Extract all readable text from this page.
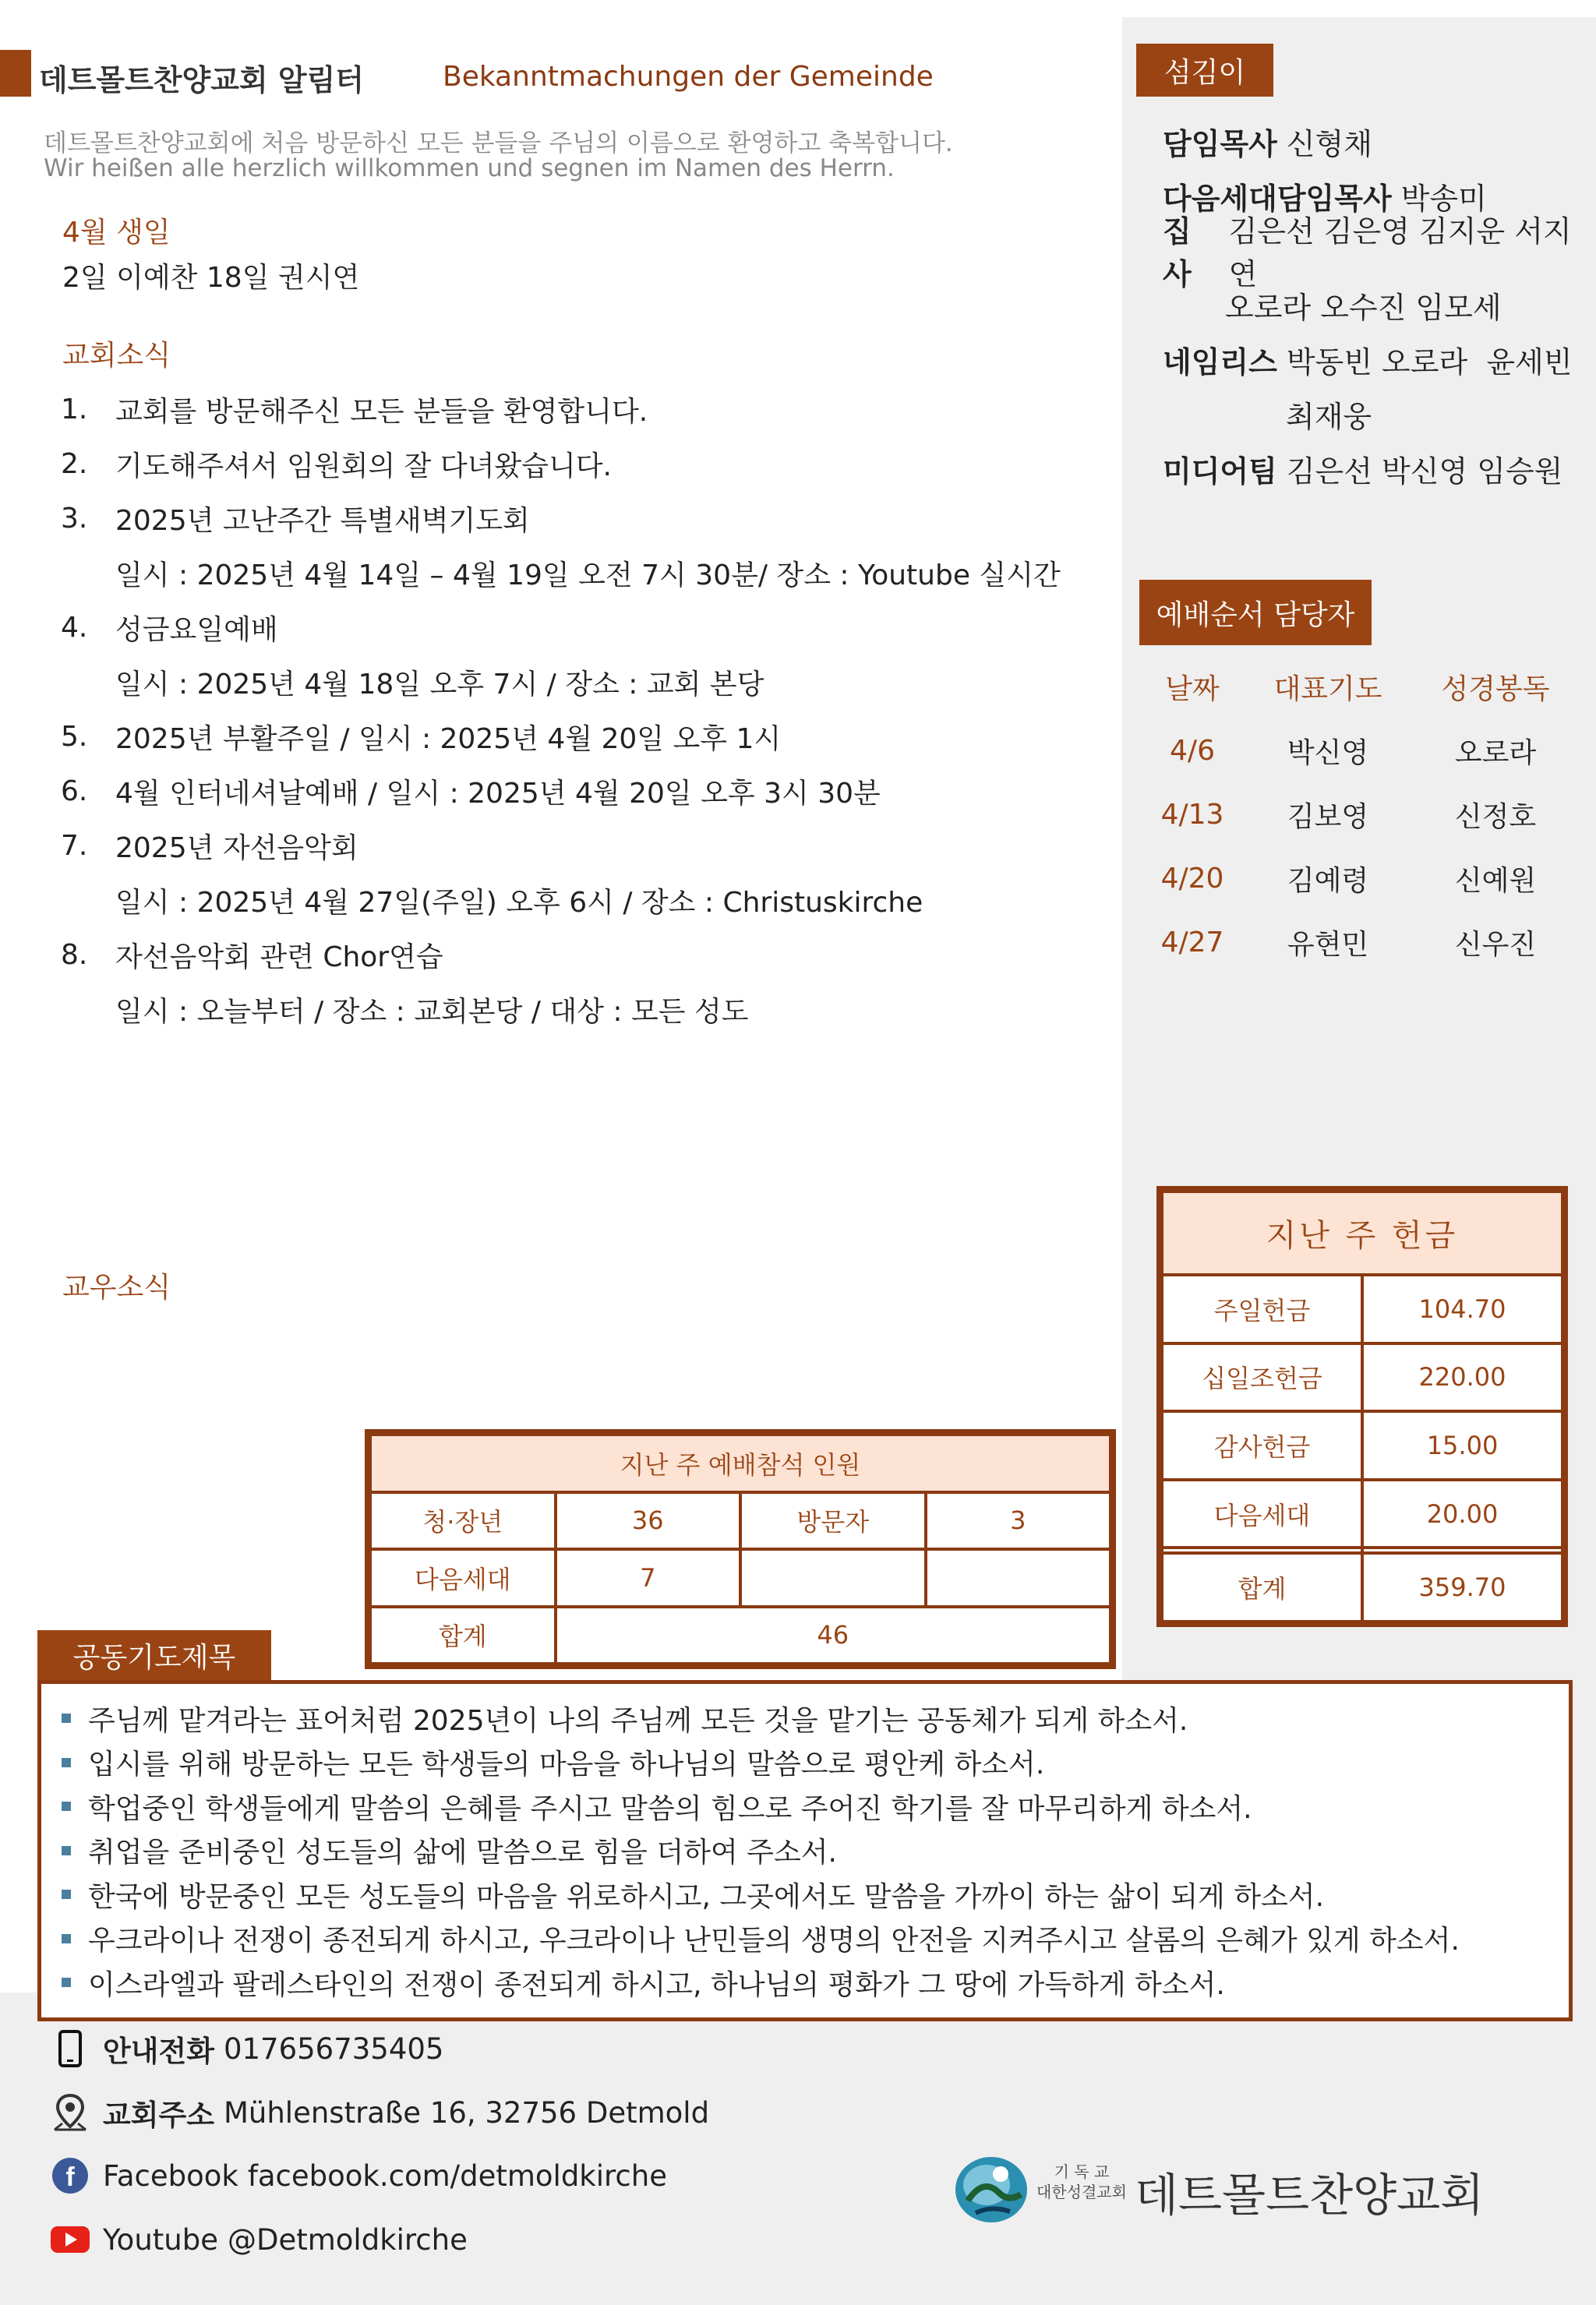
데트몰트찬양교회 알림터	Bekanntmachungen der Gemeinde
데트몰트찬양교회에 처음 방문하신 모든 분들을 주님의 이름으로 환영하고 축복합니다.
Wir heißen alle herzlich willkommen und segnen im Namen des Herrn.
4월 생일
2일 이예찬 18일 권시연
교회소식
1. 교회를 방문해주신 모든 분들을 환영합니다.
2. 기도해주셔서 임원회의 잘 다녀왔습니다.
3. 2025년 고난주간 특별새벽기도회
일시 : 2025년 4월 14일 – 4월 19일 오전 7시 30분/ 장소 : Youtube 실시간
4. 성금요일예배
일시 : 2025년 4월 18일 오후 7시 / 장소 : 교회 본당
5. 2025년 부활주일 / 일시 : 2025년 4월 20일 오후 1시
6. 4월 인터네셔날예배 / 일시 : 2025년 4월 20일 오후 3시 30분
7. 2025년 자선음악회
일시 : 2025년 4월 27일(주일) 오후 6시 / 장소 : Christuskirche
8. 자선음악회 관련 Chor연습
일시 : 오늘부터 / 장소 : 교회본당 / 대상 : 모든 성도
교우소식
지난 주 예배참석 인원			
청·장년	36	방문자	3
다음세대	7		
합계	46		
주님께 맡겨라는 표어처럼 2025년이 나의 주님께 모든 것을 맡기는 공동체가 되게 하소서.
입시를 위해 방문하는 모든 학생들의 마음을 하나님의 말씀으로 평안케 하소서.
학업중인 학생들에게 말씀의 은혜를 주시고 말씀의 힘으로 주어진 학기를 잘 마무리하게 하소서.
취업을 준비중인 성도들의 삶에 말씀으로 힘을 더하여 주소서.
한국에 방문중인 모든 성도들의 마음을 위로하시고, 그곳에서도 말씀을 가까이 하는 삶이 되게 하소서.
우크라이나 전쟁이 종전되게 하시고, 우크라이나 난민들의 생명의 안전을 지켜주시고 살롬의 은혜가 있게 하소서.
이스라엘과 팔레스타인의 전쟁이 종전되게 하시고, 하나님의 평화가 그 땅에 가득하게 하소서.
공동기도제목
안내전화 017656735405
교회주소 Mühlenstraße 16, 32756 Detmold
f Facebook facebook.com/detmoldkirche
Youtube @Detmoldkirche
섬김이
담임목사 신형채
다음세대담임목사 박송미
집사
김은선 김은영 김지운 서지연
오로라 오수진 임모세
네임리스 박동빈 오로라  윤세빈
최재웅
미디어팀 김은선 박신영 임승원
예배순서 담당자
날짜	대표기도	성경봉독
4/6	박신영	오로라
4/13	김보영	신정호
4/20	김예령	신예원
4/27	유현민	신우진
지난 주 헌금	
주일헌금	104.70
십일조헌금	220.00
감사헌금	15.00
다음세대	20.00

합계	359.70
기 독 교
대한성결교회 데트몰트찬양교회
